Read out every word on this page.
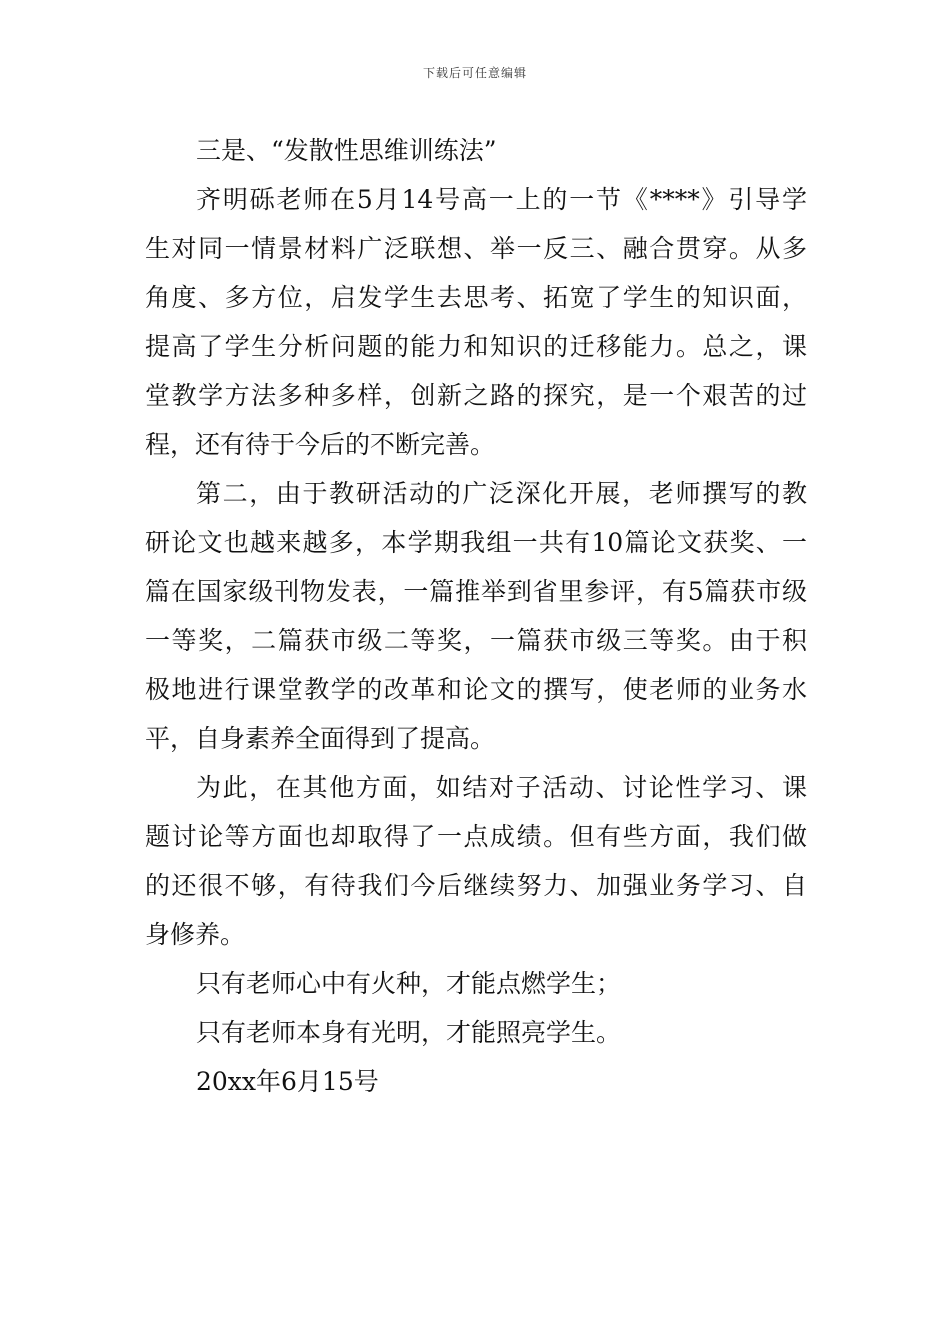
下载后可任意编辑
三是、“发散性思维训练法”
齐明砾老师在5月14号高一上的一节《****》引导学
生对同一情景材料广泛联想、举一反三、融合贯穿。从多
角度、多方位，启发学生去思考、拓宽了学生的知识面，
提高了学生分析问题的能力和知识的迁移能力。总之，课
堂教学方法多种多样，创新之路的探究，是一个艰苦的过
程，还有待于今后的不断完善。
第二，由于教研活动的广泛深化开展，老师撰写的教
研论文也越来越多，本学期我组一共有10篇论文获奖、一
篇在国家级刊物发表，一篇推举到省里参评，有5篇获市级
一等奖，二篇获市级二等奖，一篇获市级三等奖。由于积
极地进行课堂教学的改革和论文的撰写，使老师的业务水
平，自身素养全面得到了提高。
为此，在其他方面，如结对子活动、讨论性学习、课
题讨论等方面也却取得了一点成绩。但有些方面，我们做
的还很不够，有待我们今后继续努力、加强业务学习、自
身修养。
只有老师心中有火种，才能点燃学生；
只有老师本身有光明，才能照亮学生。
20xx年6月15号
